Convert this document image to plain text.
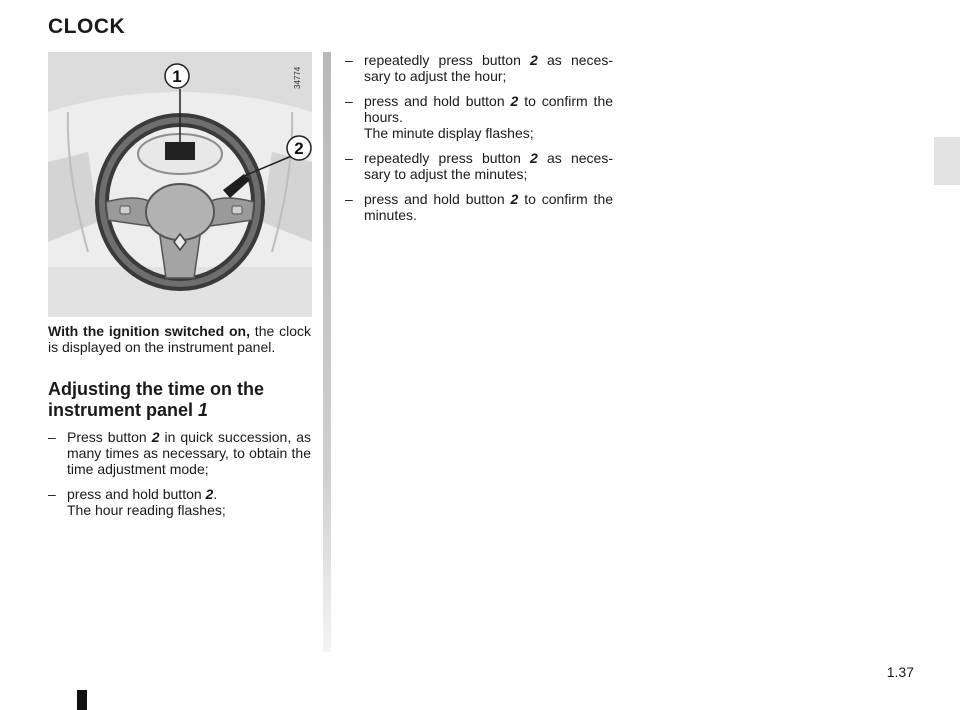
CLOCK
1
2
34774

With the ignition switched on, the clock is displayed on the instrument panel.

Adjusting the time on the instrument panel 1
– Press button 2 in quick succession, as many times as necessary, to obtain the time adjustment mode;
– press and hold button 2.
The hour reading flashes;
– repeatedly press button 2 as neces-sary to adjust the hour;
– press and hold button 2 to confirm the hours.
The minute display flashes;
– repeatedly press button 2 as neces-sary to adjust the minutes;
– press and hold button 2 to confirm the minutes.
1.37
